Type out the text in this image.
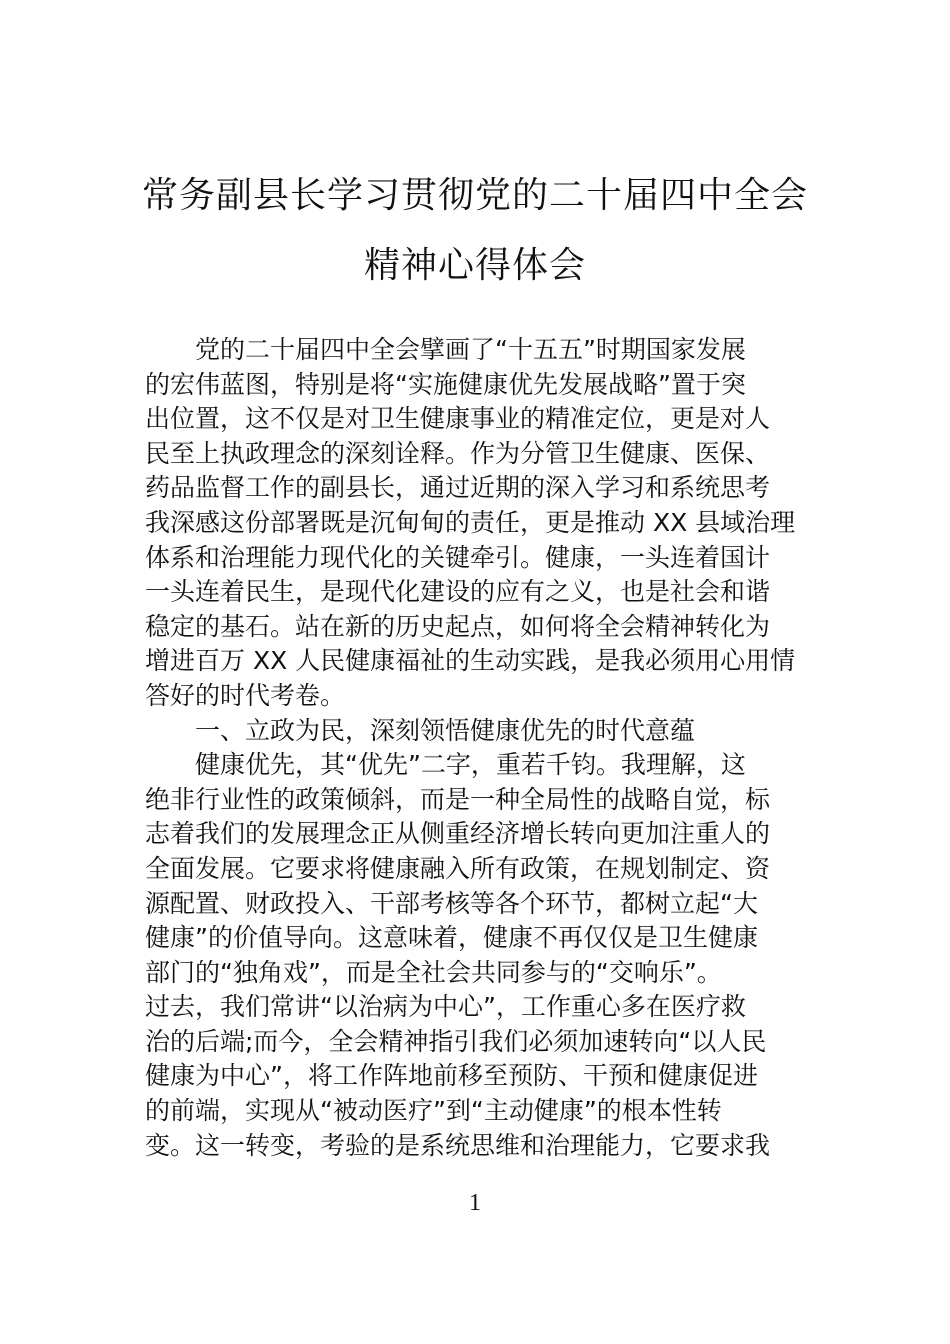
常务副县长学习贯彻党的二十届四中全会
精神心得体会
党的二十届四中全会擘画了“十五五”时期国家发展
的宏伟蓝图，特别是将“实施健康优先发展战略”置于突
出位置，这不仅是对卫生健康事业的精准定位，更是对人
民至上执政理念的深刻诠释。作为分管卫生健康、医保、
药品监督工作的副县长，通过近期的深入学习和系统思考
我深感这份部署既是沉甸甸的责任，更是推动 XX 县域治理
体系和治理能力现代化的关键牵引。健康，一头连着国计
一头连着民生，是现代化建设的应有之义，也是社会和谐
稳定的基石。站在新的历史起点，如何将全会精神转化为
增进百万 XX 人民健康福祉的生动实践，是我必须用心用情
答好的时代考卷。
一、立政为民，深刻领悟健康优先的时代意蕴
健康优先，其“优先”二字，重若千钧。我理解，这
绝非行业性的政策倾斜，而是一种全局性的战略自觉，标
志着我们的发展理念正从侧重经济增长转向更加注重人的
全面发展。它要求将健康融入所有政策，在规划制定、资
源配置、财政投入、干部考核等各个环节，都树立起“大
健康”的价值导向。这意味着，健康不再仅仅是卫生健康
部门的“独角戏”，而是全社会共同参与的“交响乐”。
过去，我们常讲“以治病为中心”，工作重心多在医疗救
治的后端;而今，全会精神指引我们必须加速转向“以人民
健康为中心”，将工作阵地前移至预防、干预和健康促进
的前端，实现从“被动医疗”到“主动健康”的根本性转
变。这一转变，考验的是系统思维和治理能力，它要求我
1
